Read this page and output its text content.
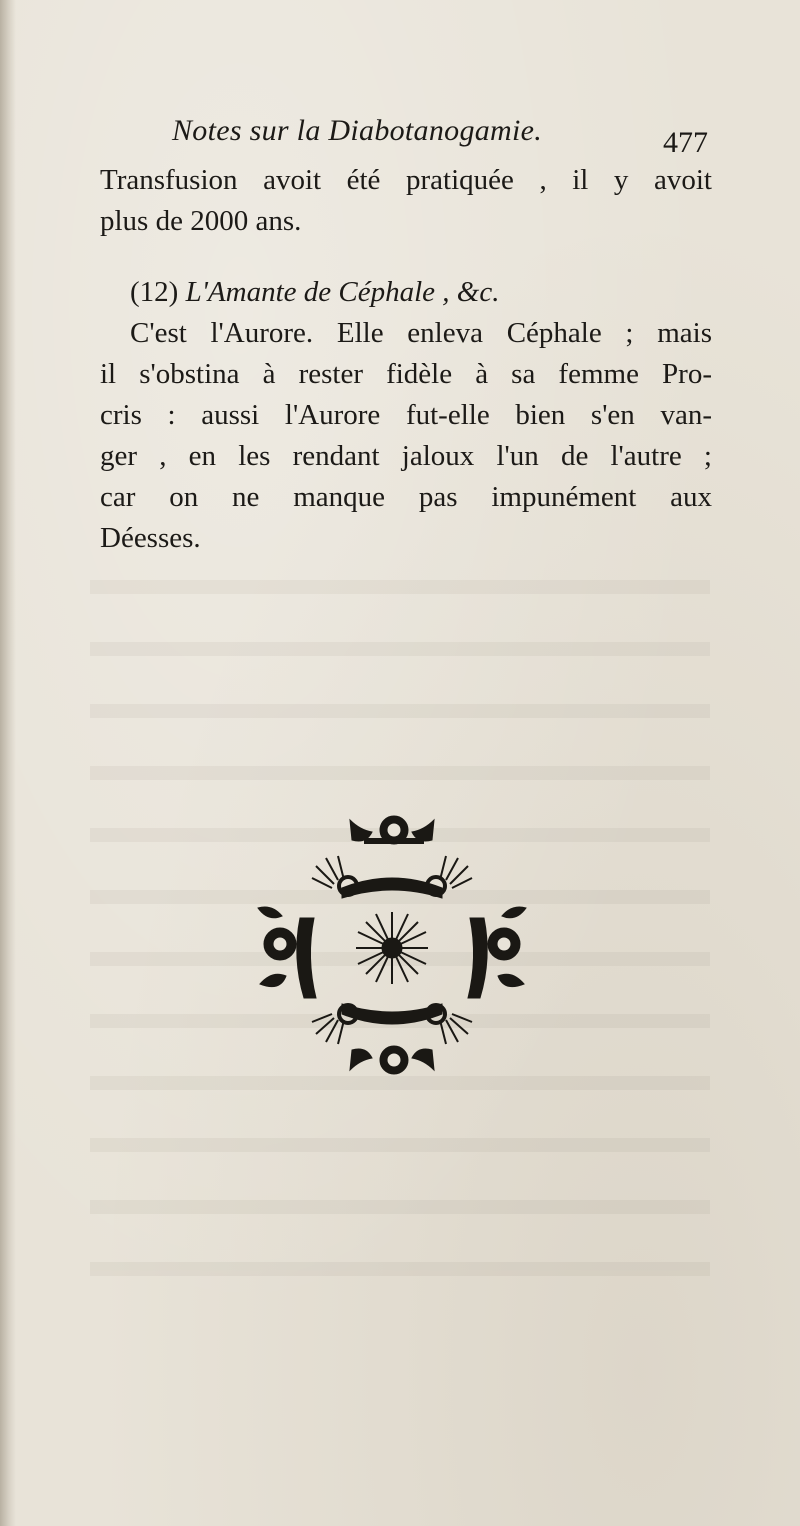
Notes sur la Diabotanogamie.	477
Transfusion avoit été pratiquée , il y avoit
plus de 2000 ans.
(12) L'Amante de Céphale , &c.
C'est l'Aurore. Elle enleva Céphale ; mais
il s'obstina à rester fidèle à sa femme Pro-
cris : aussi l'Aurore fut-elle bien s'en van-
ger , en les rendant jaloux l'un de l'autre ;
car on ne manque pas impunément aux
Déesses.
